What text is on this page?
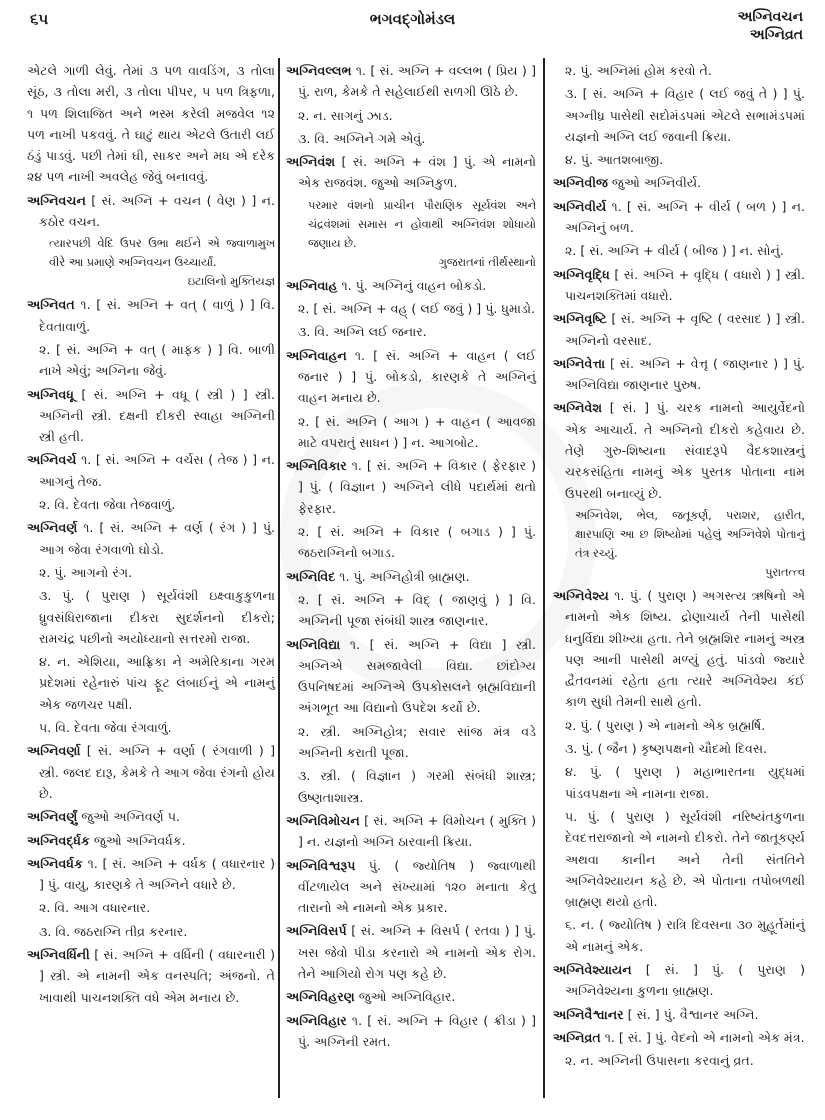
૬૫	ભગવદ્ગોમંડલ	અગ્નિવચન
અગ્નિવ્રત
એટલે ગાળી લેવું. તેમાં ૩ પળ વાવડિંગ, ૩ તોલા સૂંઠ, ૩ તોલા મરી, ૩ તોલા પીપર, ૫ પળ ત્રિફળા, ૧ પળ શિલાજિત અને ભસ્મ કરેલી મજવેલ ૧૨ પળ નાખી પકવવું. તે ઘાટું થાય એટલે ઉતારી લઈ ઠંડું પાડવું. પછી તેમાં ઘી, સાકર અને મધ એ દરેક ૨૪ પળ નાખી અવલેહ જેવું બનાવવું.
અગ્નિવચન [ સં. અગ્નિ + વચન ( વેણ ) ] ન. કઠોર વચન.
ત્યારપછી વેદિ ઉપર ઉભા થઈને એ જ્વાળામુખ વીરે આ પ્રમાણે અગ્નિવચન ઉચ્ચાર્યાં.
ઇટાલિનો મુક્તિયજ્ઞ
અગ્નિવત ૧. [ સં. અગ્નિ + વત્ ( વાળું ) ] વિ. દેવતાવાળું.
૨. [ સં. અગ્નિ + વત્ ( માફક ) ] વિ. બાળી નાખે એવું; અગ્નિના જેવું.
અગ્નિવધૂ [ સં. અગ્નિ + વધૂ ( સ્ત્રી ) ] સ્ત્રી. અગ્નિની સ્ત્રી. દક્ષની દીકરી સ્વાહા અગ્નિની સ્ત્રી હતી.
અગ્નિવર્ચ ૧. [ સં. અગ્નિ + વર્ચસ ( તેજ ) ] ન. આગનું તેજ.
૨. વિ. દેવતા જેવા તેજવાળું.
અગ્નિવર્ણ ૧. [ સં. અગ્નિ + વર્ણ ( રંગ ) ] પું. આગ જેવા રંગવાળો ઘોડો.
૨. પું. આગનો રંગ.
૩. પું. ( પુરાણ ) સૂર્યવંશી ઇક્ષ્વાકુકુળના ધ્રુવસંધિરાજાના દીકરા સુદર્શનનો દીકરો; રામચંદ્ર પછીનો અયોધ્યાનો સત્તરમો રાજા.
૪. ન. એશિયા, આફ્રિકા ને અમેરિકાના ગરમ પ્રદેશમાં રહેનારું પાંચ ફૂટ લંબાઈનું એ નામનું એક જળચર પક્ષી.
૫. વિ. દેવતા જેવા રંગવાળું.
અગ્નિવર્ણા [ સં. અગ્નિ + વર્ણા ( રંગવાળી ) ] સ્ત્રી. જલદ દારૂ, કેમકે તે આગ જેવા રંગનો હોય છે.
અગ્નિવર્ણું જુઓ અગ્નિવર્ણ ૫.
અગ્નિવર્દ્ધક જુઓ અગ્નિવર્ધક.
અગ્નિવર્ધક ૧. [ સં. અગ્નિ + વર્ધક ( વધારનાર ) ] પું. વાયુ, કારણકે તે અગ્નિને વધારે છે.
૨. વિ. આગ વધારનાર.
૩. વિ. જઠરાગ્નિ તીવ્ર કરનાર.
અગ્નિવર્ધિની [ સં. અગ્નિ + વર્ધિની ( વધારનારી ) ] સ્ત્રી. એ નામની એક વનસ્પતિ; અંજનો. તે ખાવાથી પાચનશક્તિ વધે એમ મનાય છે.
અગ્નિવલ્લભ ૧. [ સં. અગ્નિ + વલ્લભ ( પ્રિય ) ] પું. રાળ, કેમકે તે સહેલાઈથી સળગી ઊઠે છે.
૨. ન. સાગનું ઝાડ.
૩. વિ. અગ્નિને ગમે એવું.
અગ્નિવંશ [ સં. અગ્નિ + વંશ ] પું. એ નામનો એક રાજવંશ. જુઓ અગ્નિકુળ.
પરમાર વંશનો પ્રાચીન પૌરાણિક સૂર્યવંશ અને ચંદ્રવંશમાં સમાસ ન હોવાથી અગ્નિવંશ શોધાયો જણાય છે.
ગુજરાતનાં તીર્થસ્થાનો
અગ્નિવાહ ૧. પું. અગ્નિનું વાહન બોકડો.
૨. [ સં. અગ્નિ + વહ્ ( લઈ જવું ) ] પું. ધુમાડો.
૩. વિ. અગ્નિ લઈ જનાર.
અગ્નિવાહન ૧. [ સં. અગ્નિ + વાહન ( લઈ જનાર ) ] પું. બોકડો, કારણકે તે અગ્નિનું વાહન મનાય છે.
૨. [ સં. અગ્નિ ( આગ ) + વાહન ( આવજા માટે વપરાતું સાધન ) ] ન. આગબોટ.
અગ્નિવિકાર ૧. [ સં. અગ્નિ + વિકાર ( ફેરફાર ) ] પું. ( વિજ્ઞાન ) અગ્નિને લીધે પદાર્થમાં થતો ફેરફાર.
૨. [ સં. અગ્નિ + વિકાર ( બગાડ ) ] પું. જઠરાગ્નિનો બગાડ.
અગ્નિવિદ ૧. પું. અગ્નિહોત્રી બ્રાહ્મણ.
૨. [ સં. અગ્નિ + વિદ્ ( જાણવું ) ] વિ. અગ્નિની પૂજા સંબંધી શાસ્ત્ર જાણનાર.
અગ્નિવિદ્યા ૧. [ સં. અગ્નિ + વિદ્યા ] સ્ત્રી. અગ્નિએ સમજાવેલી વિદ્યા. છાંદોગ્ય ઉપનિષદમાં અગ્નિએ ઉપકોસલને બ્રહ્મવિદ્યાની અંગભૂત આ વિદ્યાનો ઉપદેશ કર્યો છે.
૨. સ્ત્રી. અગ્નિહોત્ર; સવાર સાંજ મંત્ર વડે અગ્નિની કરાતી પૂજા.
૩. સ્ત્રી. ( વિજ્ઞાન ) ગરમી સંબંધી શાસ્ત્ર; ઉષ્ણતાશાસ્ત્ર.
અગ્નિવિમોચન [ સં. અગ્નિ + વિમોચન ( મુક્તિ ) ] ન. યજ્ઞનો અગ્નિ ઠારવાની ક્રિયા.
અગ્નિવિશ્વરૂપ પું. ( જ્યોતિષ ) જ્વાળાથી વીંટળાયેલ અને સંખ્યામાં ૧૨૦ મનાતા કેતુ તારાનો એ નામનો એક પ્રકાર.
અગ્નિવિસર્પ [ સં. અગ્નિ + વિસર્પ ( રતવા ) ] પું. ખસ જેવો પીડા કરનારો એ નામનો એક રોગ. તેને આગિયો રોગ પણ કહે છે.
અગ્નિવિહરણ જુઓ અગ્નિવિહાર.
અગ્નિવિહાર ૧. [ સં. અગ્નિ + વિહાર ( ક્રીડા ) ] પું. અગ્નિની રમત.
૨. પું. અગ્નિમાં હોમ કરવો તે.
૩. [ સં. અગ્નિ + વિહાર ( લઈ જવું તે ) ] પું. અગ્નીધ્ર પાસેથી સદોમંડપમાં એટલે સભામંડપમાં યજ્ઞનો અગ્નિ લઈ જવાની ક્રિયા.
૪. પું. આતશબાજી.
અગ્નિવીજ જુઓ અગ્નિવીર્ય.
અગ્નિવીર્ય ૧. [ સં. અગ્નિ + વીર્ય ( બળ ) ] ન. અગ્નિનું બળ.
૨. [ સં. અગ્નિ + વીર્ય ( બીજ ) ] ન. સોનું.
અગ્નિવૃદ્ધિ [ સં. અગ્નિ + વૃદ્ધિ ( વધારો ) ] સ્ત્રી. પાચનશક્તિમાં વધારો.
અગ્નિવૃષ્ટિ [ સં. અગ્નિ + વૃષ્ટિ ( વરસાદ ) ] સ્ત્રી. અગ્નિનો વરસાદ.
અગ્નિવેત્તા [ સં. અગ્નિ + વેત્તૃ ( જાણનાર ) ] પું. અગ્નિવિદ્યા જાણનાર પુરુષ.
અગ્નિવેશ [ સં. ] પું. ચરક નામનો આયુર્વેદનો એક આચાર્ય. તે અગ્નિનો દીકરો કહેવાય છે. તેણે ગુરુ-શિષ્યના સંવાદરૂપે વૈદકશાસ્ત્રનું ચરકસંહિતા નામનું એક પુસ્તક પોતાના નામ ઉપરથી બનાવ્યું છે.
અગ્નિવેશ, ભેલ, જતૂકર્ણ, પરાશર, હારીત, ક્ષારપાણિ આ છ શિષ્યોમાં પહેલું અગ્નિવેશે પોતાનું તંત્ર રચ્યું.
પુરાતત્ત્વ
અગ્નિવેશ્ય ૧. પું. ( પુરાણ ) અગસ્ત્ય ઋષિનો એ નામનો એક શિષ્ય. દ્રોણાચાર્ય તેની પાસેથી ધનુર્વિદ્યા શીખ્યા હતા. તેને બ્રહ્મશિર નામનું અસ્ત્ર પણ આની પાસેથી મળ્યું હતું. પાંડવો જ્યારે દ્વૈતવનમાં રહેતા હતા ત્યારે અગ્નિવેશ્ય કંઈ કાળ સુધી તેમની સાથે હતો.
૨. પું. ( પુરાણ ) એ નામનો એક બ્રહ્મર્ષિ.
૩. પું. ( જૈન ) કૃષ્ણપક્ષનો ચૌદમો દિવસ.
૪. પું. ( પુરાણ ) મહાભારતના યુદ્ધમાં પાંડવપક્ષના એ નામના રાજા.
૫. પું. ( પુરાણ ) સૂર્યવંશી નરિષ્યંતકુળના દેવદત્તરાજાનો એ નામનો દીકરો. તેને જાતૂકર્ણ્ય અથવા કાનીન અને તેની સંતતિને અગ્નિવેશ્યાયન કહે છે. એ પોતાના તપોબળથી બ્રાહ્મણ થયો હતો.
૬. ન. ( જ્યોતિષ ) રાત્રિ દિવસના ૩૦ મુહૂર્તમાંનું એ નામનું એક.
અગ્નિવેશ્યાયન [ સં. ] પું. ( પુરાણ ) અગ્નિવેશ્યના કુળના બ્રાહ્મણ.
અગ્નિવૈશ્વાનર [ સં. ] પું. વૈશ્વાનર અગ્નિ.
અગ્નિવ્રત ૧. [ સં. ] પું. વેદનો એ નામનો એક મંત્ર.
૨. ન. અગ્નિની ઉપાસના કરવાનું વ્રત.
